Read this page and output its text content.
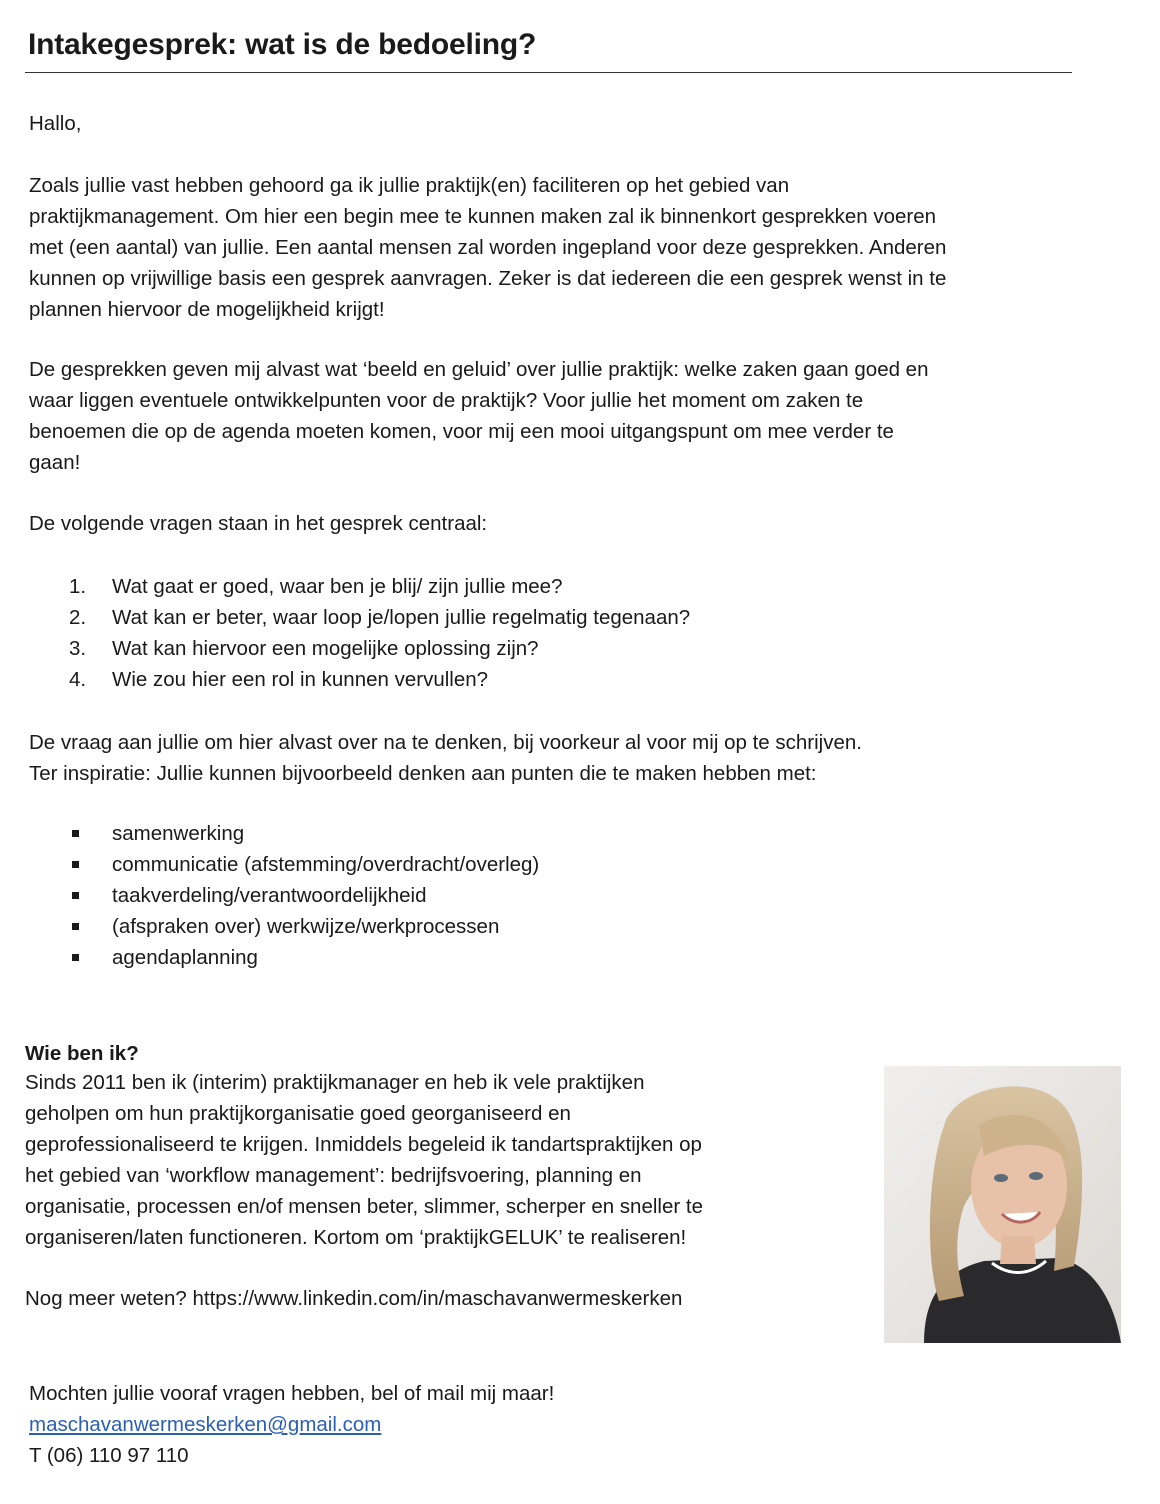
Intakegesprek: wat is de bedoeling?

Hallo,

Zoals jullie vast hebben gehoord ga ik jullie praktijk(en) faciliteren op het gebied van
praktijkmanagement. Om hier een begin mee te kunnen maken zal ik binnenkort gesprekken voeren
met (een aantal) van jullie. Een aantal mensen zal worden ingepland voor deze gesprekken. Anderen
kunnen op vrijwillige basis een gesprek aanvragen. Zeker is dat iedereen die een gesprek wenst in te
plannen hiervoor de mogelijkheid krijgt!

De gesprekken geven mij alvast wat ‘beeld en geluid’ over jullie praktijk: welke zaken gaan goed en
waar liggen eventuele ontwikkelpunten voor de praktijk? Voor jullie het moment om zaken te
benoemen die op de agenda moeten komen, voor mij een mooi uitgangspunt om mee verder te
gaan!

De volgende vragen staan in het gesprek centraal:

1. Wat gaat er goed, waar ben je blij/ zijn jullie mee?
2. Wat kan er beter, waar loop je/lopen jullie regelmatig tegenaan?
3. Wat kan hiervoor een mogelijke oplossing zijn?
4. Wie zou hier een rol in kunnen vervullen?

De vraag aan jullie om hier alvast over na te denken, bij voorkeur al voor mij op te schrijven.
Ter inspiratie: Jullie kunnen bijvoorbeeld denken aan punten die te maken hebben met:

samenwerking
communicatie (afstemming/overdracht/overleg)
taakverdeling/verantwoordelijkheid
(afspraken over) werkwijze/werkprocessen
agendaplanning

Wie ben ik?

Sinds 2011 ben ik (interim) praktijkmanager en heb ik vele praktijken
geholpen om hun praktijkorganisatie goed georganiseerd en
geprofessionaliseerd te krijgen. Inmiddels begeleid ik tandartspraktijken op
het gebied van ‘workflow management’: bedrijfsvoering, planning en
organisatie, processen en/of mensen beter, slimmer, scherper en sneller te
organiseren/laten functioneren. Kortom om ‘praktijkGELUK’ te realiseren!

Nog meer weten? https://www.linkedin.com/in/maschavanwermeskerken

Mochten jullie vooraf vragen hebben, bel of mail mij maar!

maschavanwermeskerken@gmail.com

T (06) 110 97 110
